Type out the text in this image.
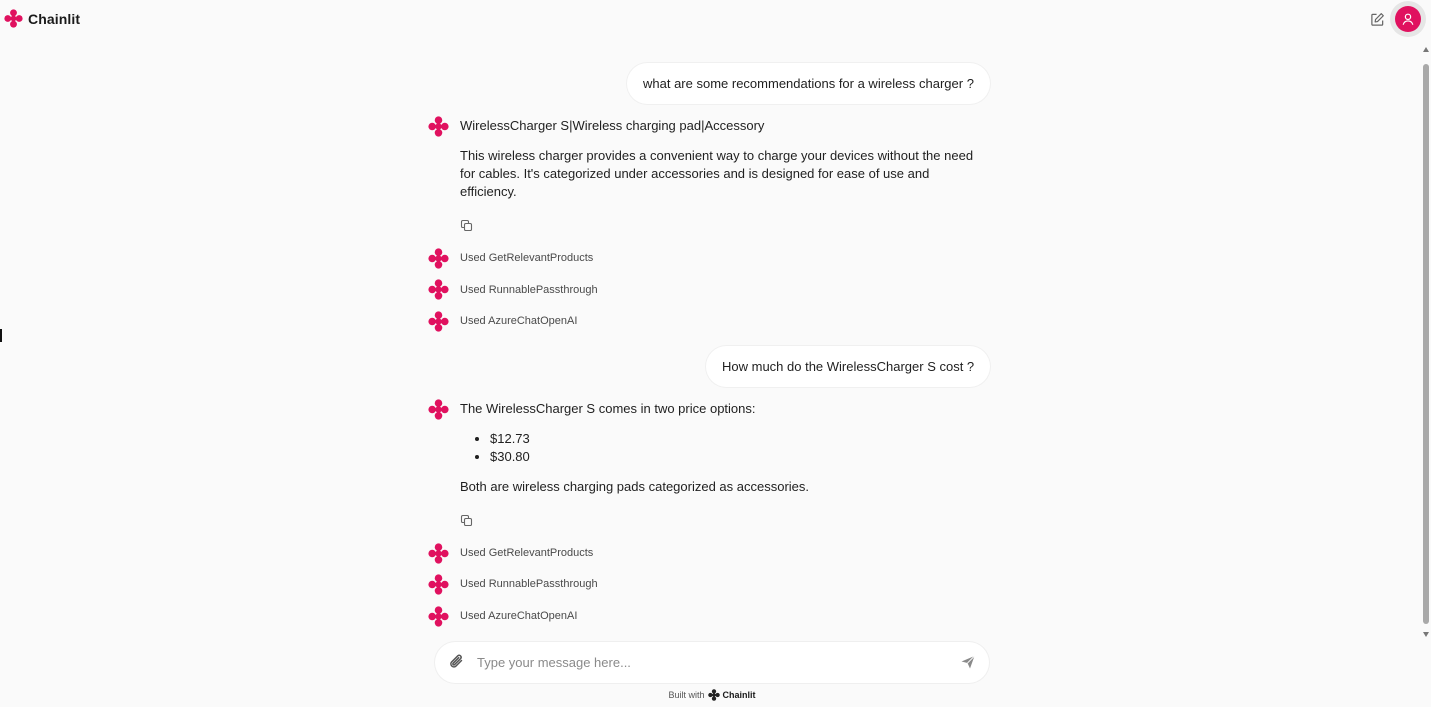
Chainlit
what are some recommendations for a wireless charger ?
WirelessCharger S|Wireless charging pad|Accessory
This wireless charger provides a convenient way to charge your devices without the need for cables. It's categorized under accessories and is designed for ease of use and efficiency.
Used GetRelevantProducts
Used RunnablePassthrough
Used AzureChatOpenAI
How much do the WirelessCharger S cost ?
The WirelessCharger S comes in two price options:
• $12.73
• $30.80
Both are wireless charging pads categorized as accessories.
Used GetRelevantProducts
Used RunnablePassthrough
Used AzureChatOpenAI
Type your message here...
Built with Chainlit
